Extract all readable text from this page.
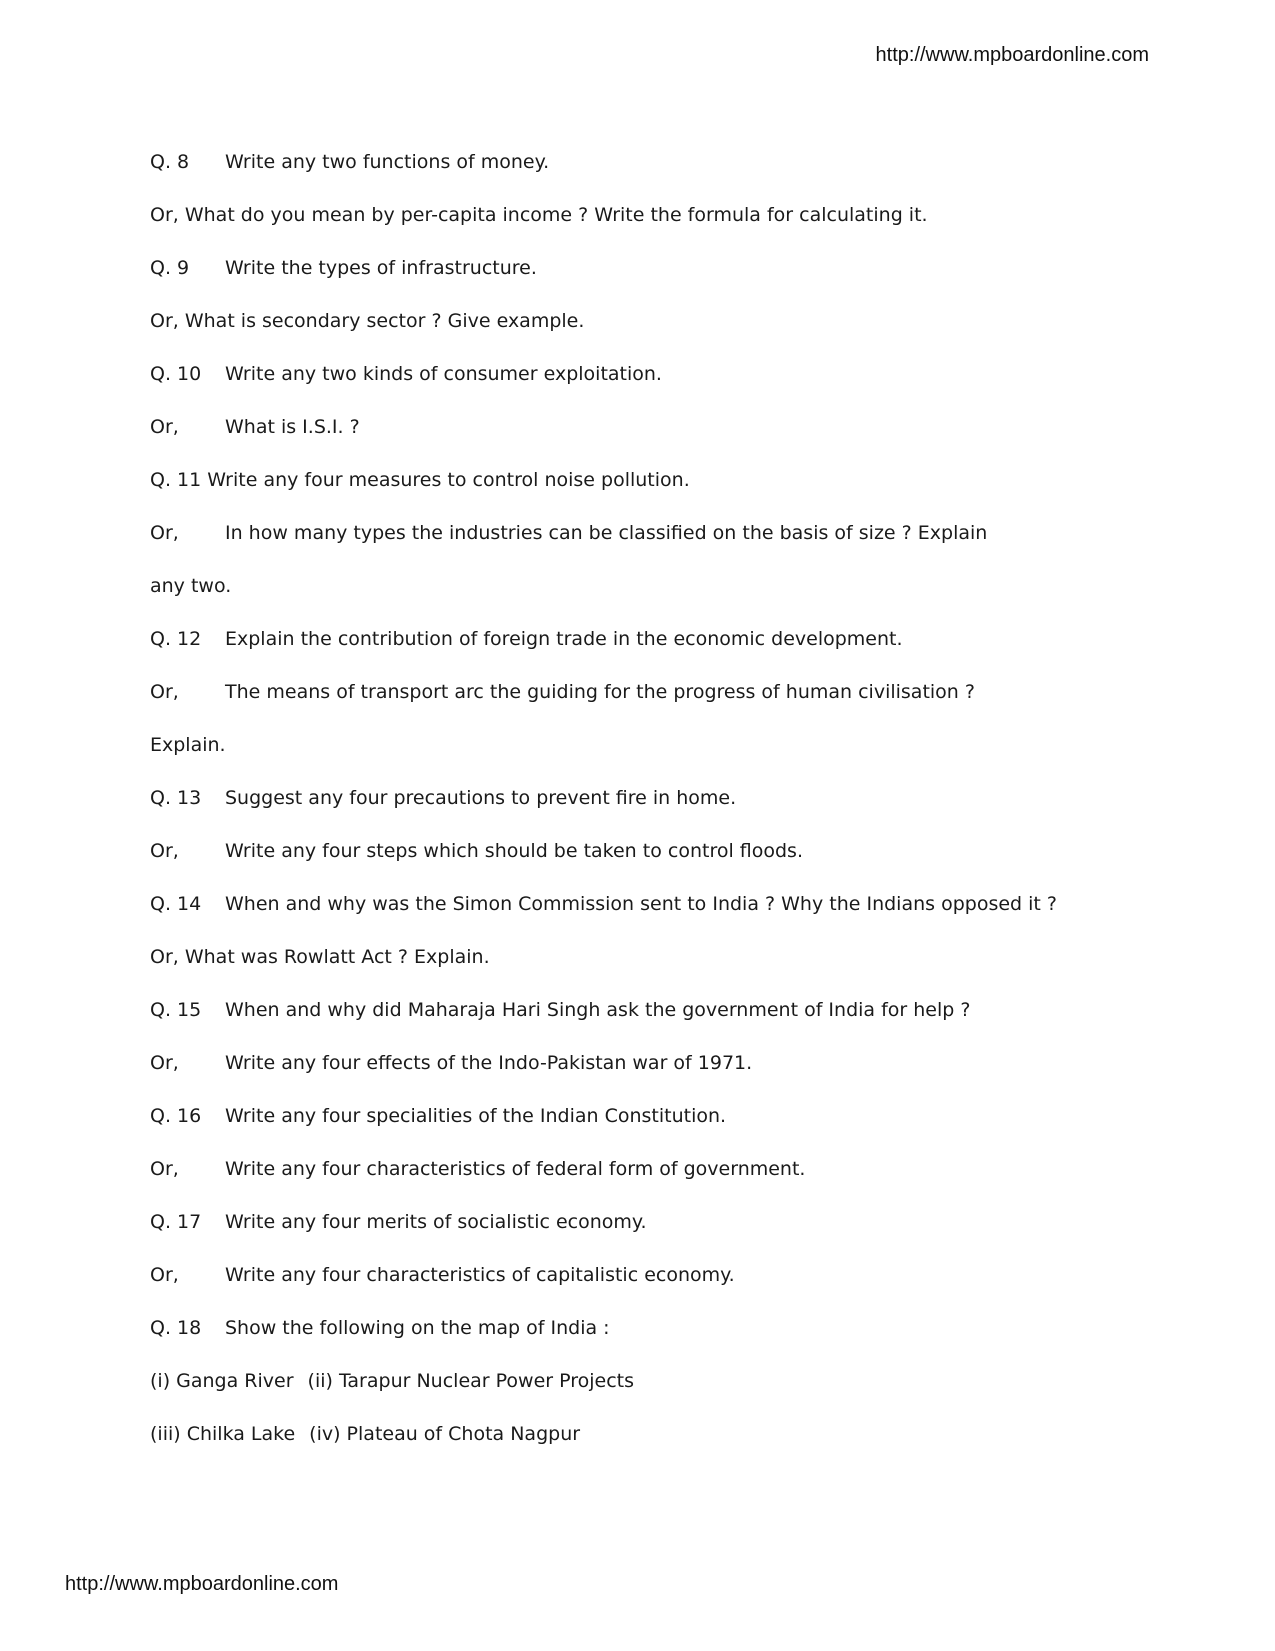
http://www.mpboardonline.com
Q. 8 Write any two functions of money.
Or, What do you mean by per-capita income ? Write the formula for calculating it.
Q. 9 Write the types of infrastructure.
Or, What is secondary sector ? Give example.
Q. 10 Write any two kinds of consumer exploitation.
Or, What is I.S.I. ?
Q. 11 Write any four measures to control noise pollution.
Or, In how many types the industries can be classified on the basis of size ? Explain
any two.
Q. 12 Explain the contribution of foreign trade in the economic development.
Or, The means of transport arc the guiding for the progress of human civilisation ?
Explain.
Q. 13 Suggest any four precautions to prevent fire in home.
Or, Write any four steps which should be taken to control floods.
Q. 14 When and why was the Simon Commission sent to India ? Why the Indians opposed it ?
Or, What was Rowlatt Act ? Explain.
Q. 15 When and why did Maharaja Hari Singh ask the government of India for help ?
Or, Write any four effects of the Indo-Pakistan war of 1971.
Q. 16 Write any four specialities of the Indian Constitution.
Or, Write any four characteristics of federal form of government.
Q. 17 Write any four merits of socialistic economy.
Or, Write any four characteristics of capitalistic economy.
Q. 18 Show the following on the map of India :
(i) Ganga River (ii) Tarapur Nuclear Power Projects
(iii) Chilka Lake (iv) Plateau of Chota Nagpur
http://www.mpboardonline.com
